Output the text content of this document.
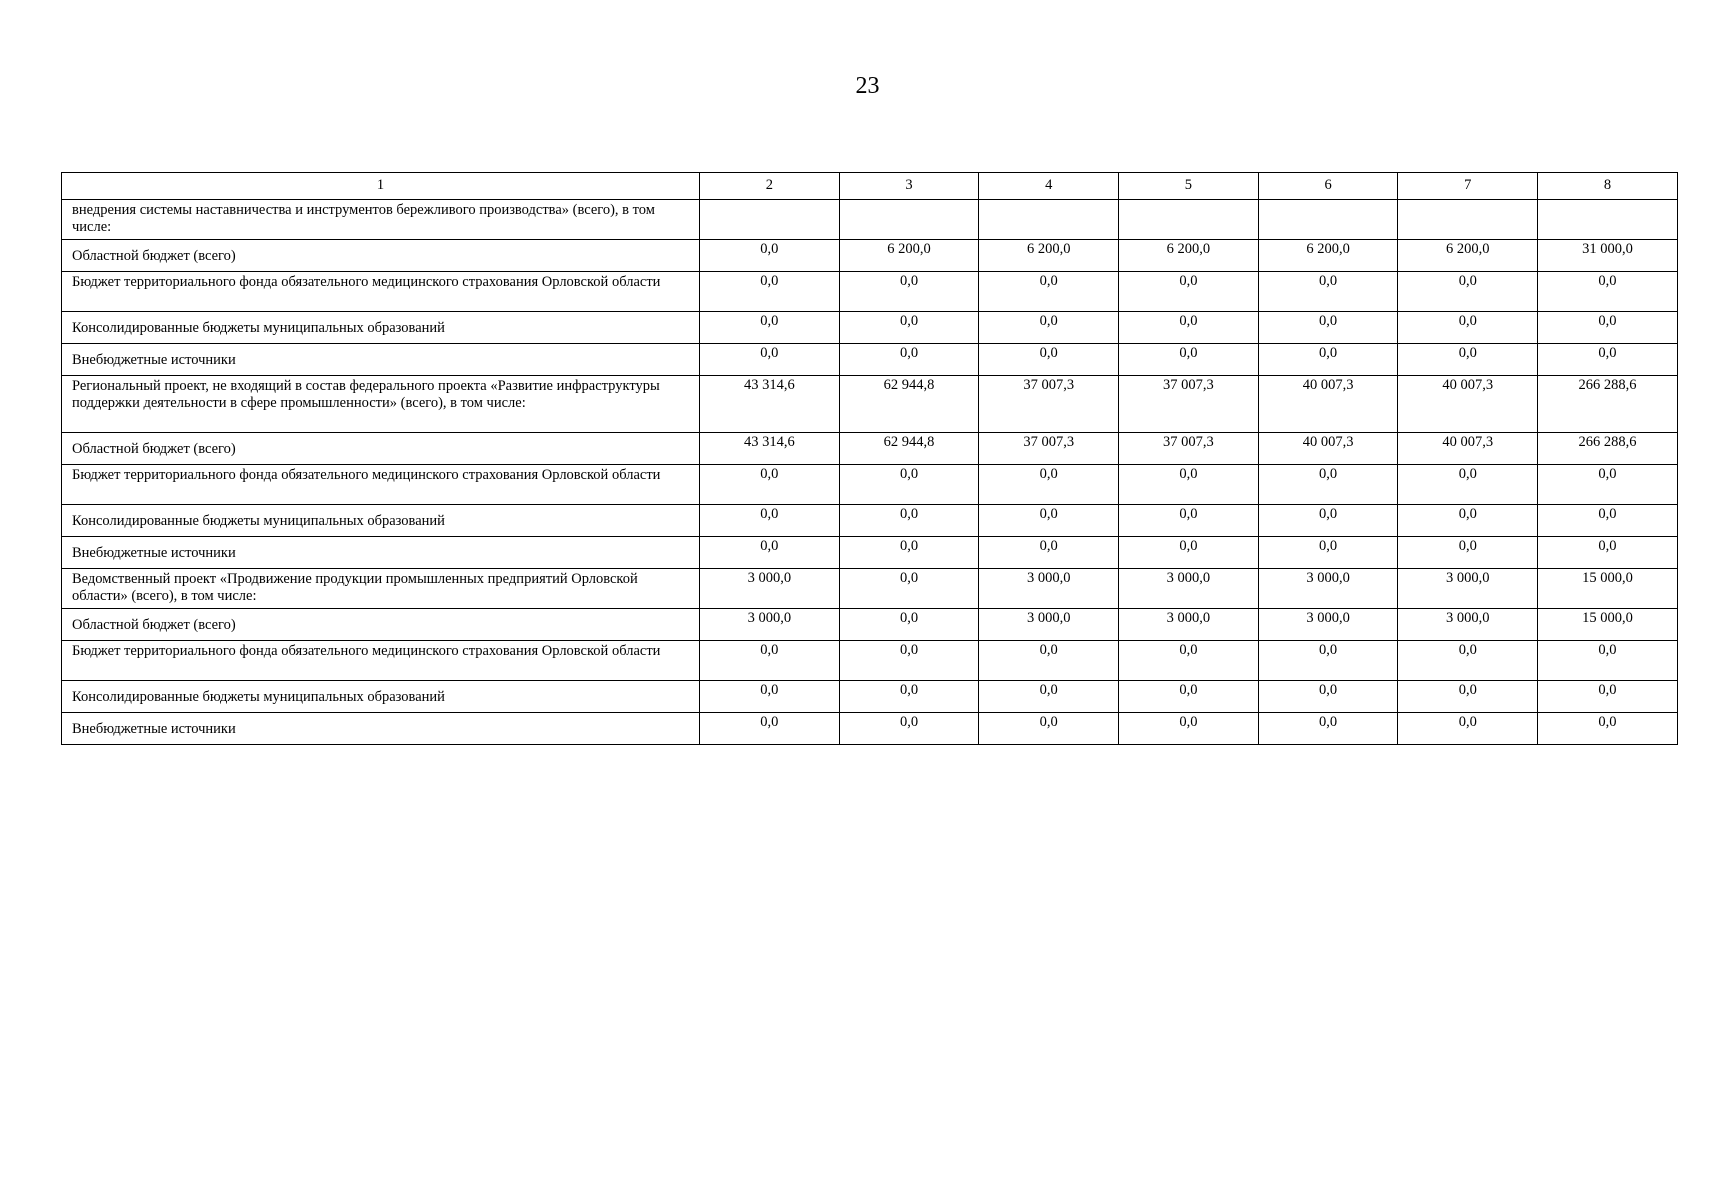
23
1	2	3	4	5	6	7	8
внедрения системы наставничества и инструментов бережливого производства» (всего), в том числе:							
Областной бюджет (всего)	0,0	6 200,0	6 200,0	6 200,0	6 200,0	6 200,0	31 000,0
Бюджет территориального фонда обязательного медицинского страхования Орловской области	0,0	0,0	0,0	0,0	0,0	0,0	0,0
Консолидированные бюджеты муниципальных образований	0,0	0,0	0,0	0,0	0,0	0,0	0,0
Внебюджетные источники	0,0	0,0	0,0	0,0	0,0	0,0	0,0
Региональный проект, не входящий в состав федерального проекта «Развитие инфраструктуры поддержки деятельности в сфере промышленности» (всего), в том числе:	43 314,6	62 944,8	37 007,3	37 007,3	40 007,3	40 007,3	266 288,6
Областной бюджет (всего)	43 314,6	62 944,8	37 007,3	37 007,3	40 007,3	40 007,3	266 288,6
Бюджет территориального фонда обязательного медицинского страхования Орловской области	0,0	0,0	0,0	0,0	0,0	0,0	0,0
Консолидированные бюджеты муниципальных образований	0,0	0,0	0,0	0,0	0,0	0,0	0,0
Внебюджетные источники	0,0	0,0	0,0	0,0	0,0	0,0	0,0
Ведомственный проект «Продвижение продукции промышленных предприятий Орловской области» (всего), в том числе:	3 000,0	0,0	3 000,0	3 000,0	3 000,0	3 000,0	15 000,0
Областной бюджет (всего)	3 000,0	0,0	3 000,0	3 000,0	3 000,0	3 000,0	15 000,0
Бюджет территориального фонда обязательного медицинского страхования Орловской области	0,0	0,0	0,0	0,0	0,0	0,0	0,0
Консолидированные бюджеты муниципальных образований	0,0	0,0	0,0	0,0	0,0	0,0	0,0
Внебюджетные источники	0,0	0,0	0,0	0,0	0,0	0,0	0,0
